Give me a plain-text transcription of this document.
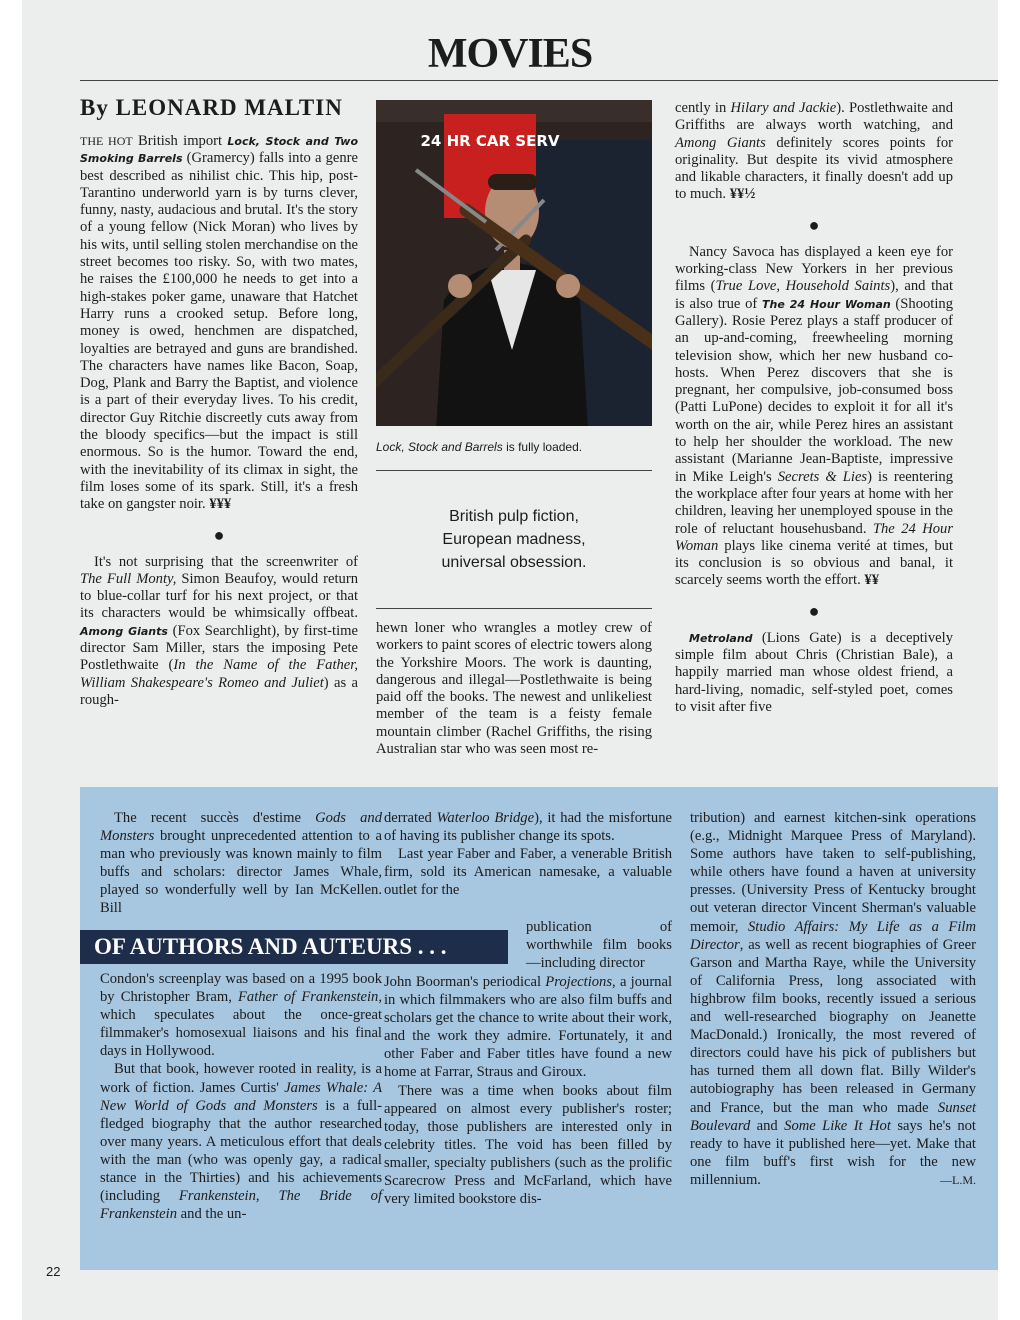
MOVIES
By LEONARD MALTIN

THE HOT British import Lock, Stock and Two Smoking Barrels (Gramercy) falls into a genre best described as nihilist chic. This hip, post-Tarantino underworld yarn is by turns clever, funny, nasty, audacious and brutal. It's the story of a young fellow (Nick Moran) who lives by his wits, until selling stolen merchandise on the street becomes too risky. So, with two mates, he raises the £100,000 he needs to get into a high-stakes poker game, unaware that Hatchet Harry runs a crooked setup. Before long, money is owed, henchmen are dispatched, loyalties are betrayed and guns are brandished. The characters have names like Bacon, Soap, Dog, Plank and Barry the Baptist, and violence is a part of their everyday lives. To his credit, director Guy Ritchie discreetly cuts away from the bloody specifics—but the impact is still enormous. So is the humor. Toward the end, with the inevitability of its climax in sight, the film loses some of its spark. Still, it's a fresh take on gangster noir. ¥¥¥

●

It's not surprising that the screenwriter of The Full Monty, Simon Beaufoy, would return to blue-collar turf for his next project, or that its characters would be whimsically offbeat. Among Giants (Fox Searchlight), by first-time director Sam Miller, stars the imposing Pete Postlethwaite (In the Name of the Father, William Shakespeare's Romeo and Juliet) as a rough-

24 HR CAR SERV

Lock, Stock and Barrels is fully loaded.

British pulp fiction,
European madness,
universal obsession.

hewn loner who wrangles a motley crew of workers to paint scores of electric towers along the Yorkshire Moors. The work is daunting, dangerous and illegal—Postlethwaite is being paid off the books. The newest and unlikeliest member of the team is a feisty female mountain climber (Rachel Griffiths, the rising Australian star who was seen most re-

cently in Hilary and Jackie). Postlethwaite and Griffiths are always worth watching, and Among Giants definitely scores points for originality. But despite its vivid atmosphere and likable characters, it finally doesn't add up to much. ¥¥½

●

Nancy Savoca has displayed a keen eye for working-class New Yorkers in her previous films (True Love, Household Saints), and that is also true of The 24 Hour Woman (Shooting Gallery). Rosie Perez plays a staff producer of an up-and-coming, freewheeling morning television show, which her new husband co-hosts. When Perez discovers that she is pregnant, her compulsive, job-consumed boss (Patti LuPone) decides to exploit it for all it's worth on the air, while Perez hires an assistant to help her shoulder the workload. The new assistant (Marianne Jean-Baptiste, impressive in Mike Leigh's Secrets & Lies) is reentering the workplace after four years at home with her children, leaving her unemployed spouse in the role of reluctant househusband. The 24 Hour Woman plays like cinema verité at times, but its conclusion is so obvious and banal, it scarcely seems worth the effort. ¥¥

●

Metroland (Lions Gate) is a deceptively simple film about Chris (Christian Bale), a happily married man whose oldest friend, a hard-living, nomadic, self-styled poet, comes to visit after five

The recent succès d'estime Gods and Monsters brought unprecedented attention to a man who previously was known mainly to film buffs and scholars: director James Whale, played so wonderfully well by Ian McKellen. Bill

OF AUTHORS AND AUTEURS . . .

Condon's screenplay was based on a 1995 book by Christopher Bram, Father of Frankenstein, which speculates about the once-great filmmaker's homosexual liaisons and his final days in Hollywood.

But that book, however rooted in reality, is a work of fiction. James Curtis' James Whale: A New World of Gods and Monsters is a full-fledged biography that the author researched over many years. A meticulous effort that deals with the man (who was openly gay, a radical stance in the Thirties) and his achievements (including Frankenstein, The Bride of Frankenstein and the un-

derrated Waterloo Bridge), it had the misfortune of having its publisher change its spots.

Last year Faber and Faber, a venerable British firm, sold its American namesake, a valuable outlet for the

publication of worthwhile film books—including director

John Boorman's periodical Projections, a journal in which filmmakers who are also film buffs and scholars get the chance to write about their work, and the work they admire. Fortunately, it and other Faber and Faber titles have found a new home at Farrar, Straus and Giroux.

There was a time when books about film appeared on almost every publisher's roster; today, those publishers are interested only in celebrity titles. The void has been filled by smaller, specialty publishers (such as the prolific Scarecrow Press and McFarland, which have very limited bookstore dis-

tribution) and earnest kitchen-sink operations (e.g., Midnight Marquee Press of Maryland). Some authors have taken to self-publishing, while others have found a haven at university presses. (University Press of Kentucky brought out veteran director Vincent Sherman's valuable memoir, Studio Affairs: My Life as a Film Director, as well as recent biographies of Greer Garson and Martha Raye, while the University of California Press, long associated with highbrow film books, recently issued a serious and well-researched biography on Jeanette MacDonald.) Ironically, the most revered of directors could have his pick of publishers but has turned them all down flat. Billy Wilder's autobiography has been released in Germany and France, but the man who made Sunset Boulevard and Some Like It Hot says he's not ready to have it published here—yet. Make that one film buff's first wish for the new millennium.	—L.M.

22
